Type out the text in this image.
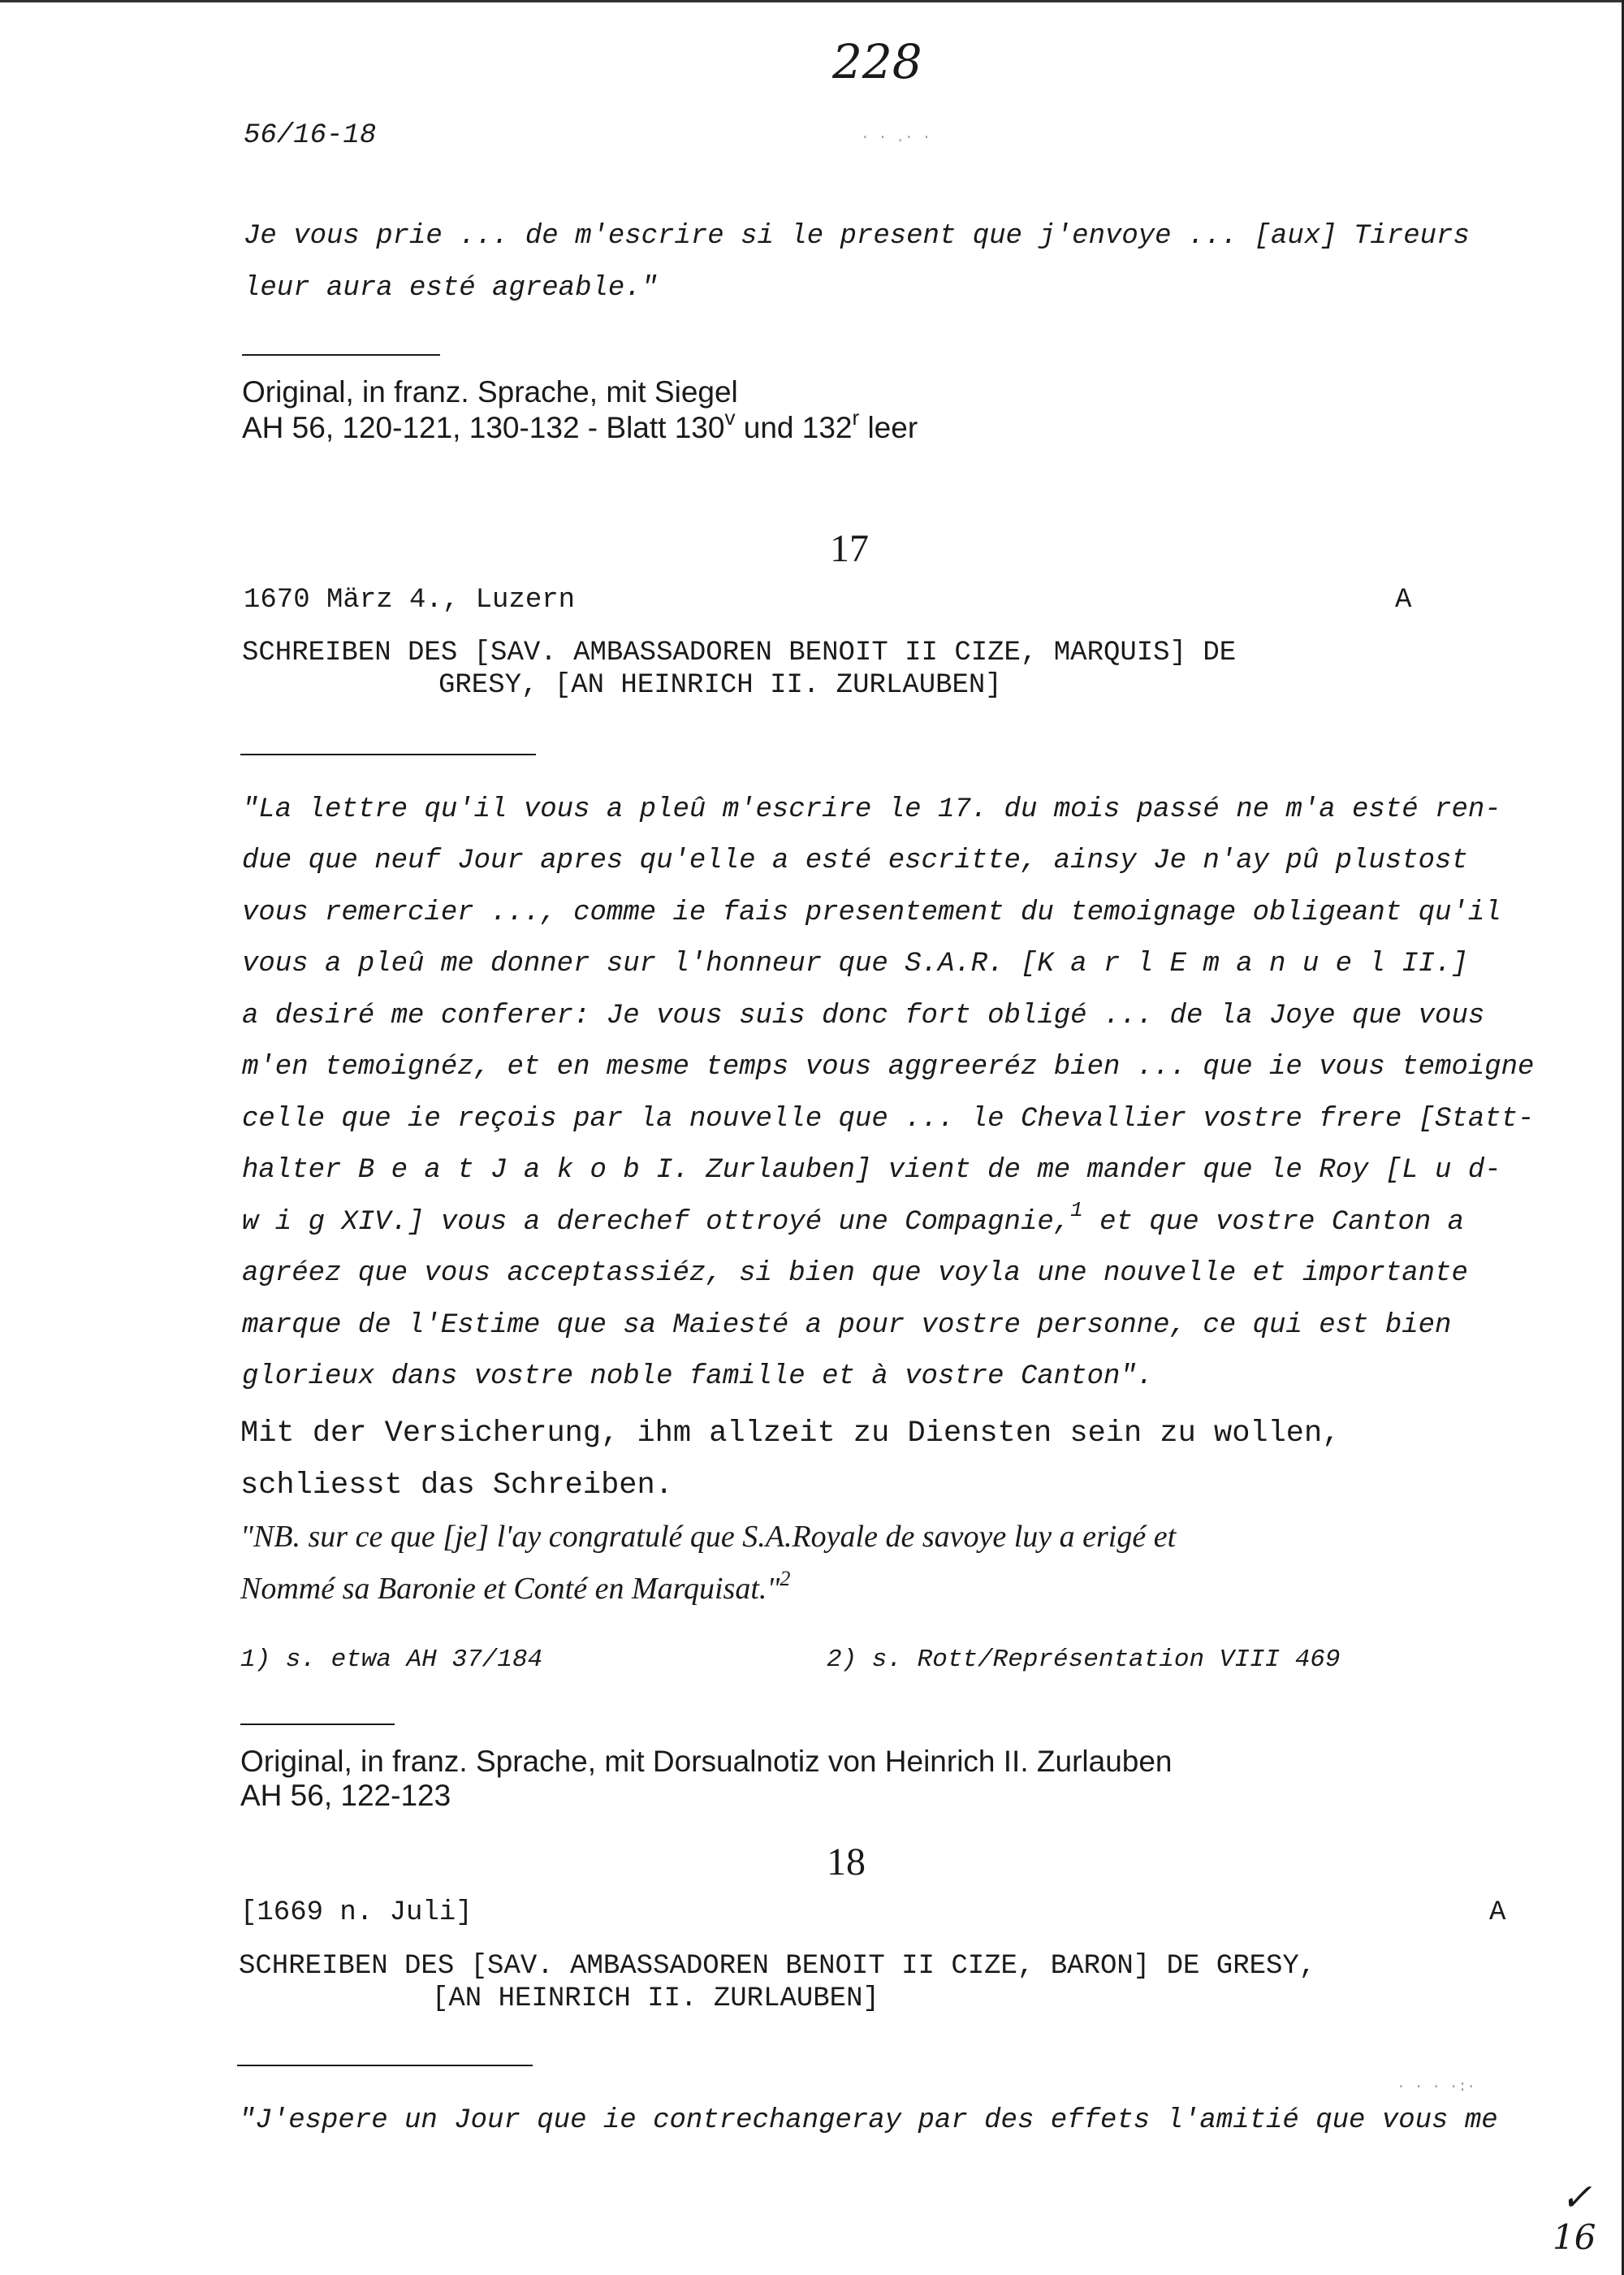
228
56/16-18	· · .· ·
Je vous prie ... de m'escrire si le present que j'envoye ... [aux] Tireurs
leur aura esté agreable."
Original, in franz. Sprache, mit Siegel
AH 56, 120-121, 130-132 - Blatt 130$^v$ und 132$^r$ leer
17
1670 März 4., Luzern	A
SCHREIBEN DES [SAV. AMBASSADOREN BENOIT II CIZE, MARQUIS] DE
GRESY, [AN HEINRICH II. ZURLAUBEN]
"La lettre qu'il vous a pleû m'escrire le 17. du mois passé ne m'a esté ren-
due que neuf Jour apres qu'elle a esté escritte, ainsy Je n'ay pû plustost
vous remercier ..., comme ie fais presentement du temoignage obligeant qu'il
vous a pleû me donner sur l'honneur que S.A.R. [K a r l E m a n u e l II.]
a desiré me conferer: Je vous suis donc fort obligé ... de la Joye que vous
m'en temoignéz, et en mesme temps vous aggreeréz bien ... que ie vous temoigne
celle que ie reçois par la nouvelle que ... le Chevallier vostre frere [Statt-
halter B e a t J a k o b I. Zurlauben] vient de me mander que le Roy [L u d-
w i g XIV.] vous a derechef ottroyé une Compagnie,$^1$ et que vostre Canton a
agréez que vous acceptassiéz, si bien que voyla une nouvelle et importante
marque de l'Estime que sa Maiesté a pour vostre personne, ce qui est bien
glorieux dans vostre noble famille et à vostre Canton".
Mit der Versicherung, ihm allzeit zu Diensten sein zu wollen,
schliesst das Schreiben.
"NB. sur ce que [je] l'ay congratulé que S.A.Royale de savoye luy a erigé et
Nommé sa Baronie et Conté en Marquisat."$^2$
1) s. etwa AH 37/184	2) s. Rott/Représentation VIII 469
Original, in franz. Sprache, mit Dorsualnotiz von Heinrich II. Zurlauben
AH 56, 122-123
18
[1669 n. Juli]	A
SCHREIBEN DES [SAV. AMBASSADOREN BENOIT II CIZE, BARON] DE GRESY,
[AN HEINRICH II. ZURLAUBEN]
· · · ·:·
"J'espere un Jour que ie contrechangeray par des effets l'amitié que vous me
✓
16
